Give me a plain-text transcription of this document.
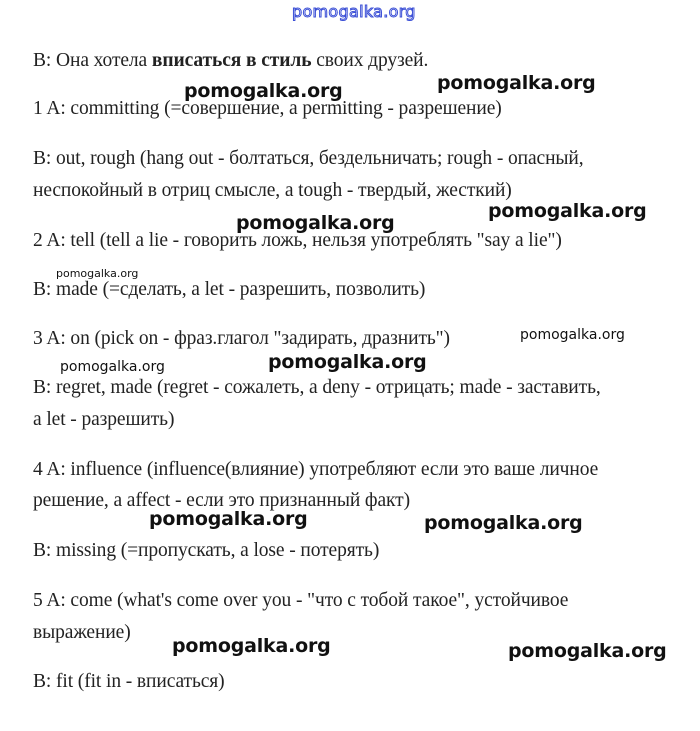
pomogalka.org
B: Она хотела вписаться в стиль своих друзей.
1 A: committing (=совершение, а permitting - разрешение)
B: out, rough (hang out - болтаться, бездельничать; rough - опасный,
неспокойный в отриц смысле, а tough - твердый, жесткий)
2 A: tell (tell a lie - говорить ложь, нельзя употреблять "say a lie")
B: made (=сделать, а let - разрешить, позволить)
3 A: on (pick on - фраз.глагол "задирать, дразнить")
B: regret, made (regret - сожалеть, а deny - отрицать; made - заставить,
а let - разрешить)
4 A: influence (influence(влияние) употребляют если это ваше личное
решение, а affect - если это признанный факт)
B: missing (=пропускать, а lose - потерять)
5 A: come (what's come over you - "что с тобой такое", устойчивое
выражение)
B: fit (fit in - вписаться)
pomogalka.org	pomogalka.org
pomogalka.org
pomogalka.org
pomogalka.org
pomogalka.org
pomogalka.org	pomogalka.org
pomogalka.org	pomogalka.org
pomogalka.org	pomogalka.org
